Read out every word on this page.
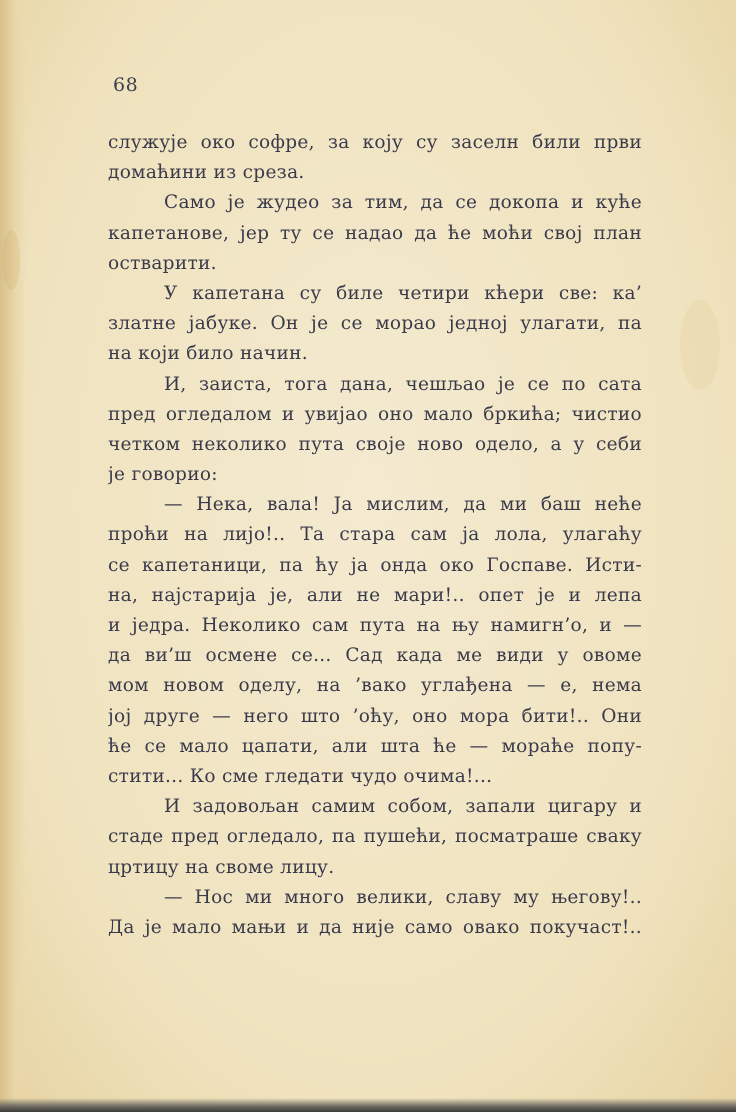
68
служује око софре, за коју су заселн били први
домаћини из среза.
Само је жудео за тим, да се докопа и куће
капетанове, јер ту се надао да ће моћи свој план
остварити.
У капетана су биле четири кћери све: ка’
златне јабуке. Он је се морао једној улагати, па
на који било начин.
И, заиста, тога дана, чешљао је се по сата
пред огледалом и увијао оно мало бркића; чистио
четком неколико пута своје ново одело, а у себи
је говорио:
— Нека, вала! Ја мислим, да ми баш неће
проћи на лијо!.. Та стара сам ја лола, улагаћу
се капетаници, па ћу ја онда око Госпаве. Исти-
на, најстарија је, али не мари!.. опет је и лепа
и једра. Неколико сам пута на њу намигн’о, и —
да ви’ш осмене се... Сад када ме види у овоме
мом новом оделу, на ’вако углађена — е, нема
јој друге — него што ’оћу, оно мора бити!.. Они
ће се мало цапати, али шта ће — мораће попу-
стити... Ко сме гледати чудо очима!...
И задовољан самим собом, запали цигару и
стаде пред огледало, па пушећи, посматраше сваку
цртицу на своме лицу.
— Нос ми много велики, славу му његову!..
Да је мало мањи и да није само овако покучаст!..
